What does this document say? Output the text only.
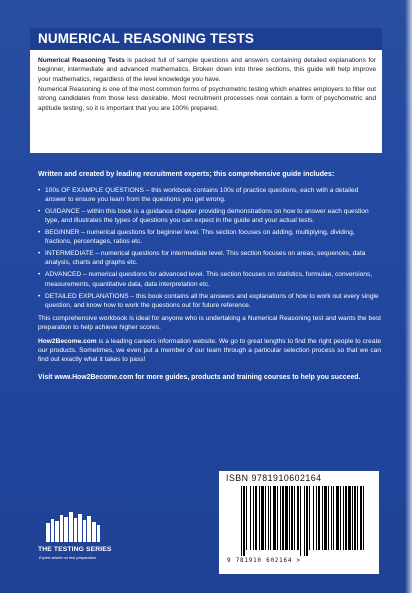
NUMERICAL REASONING TESTS

Numerical Reasoning Tests is packed full of sample questions and answers containing detailed explanations for beginner, intermediate and advanced mathematics. Broken down into three sections, this guide will help improve your mathematics, regardless of the level knowledge you have.

Numerical Reasoning is one of the most common forms of psychometric testing which enables employers to filter out strong candidates from those less desirable. Most recruitment processes now contain a form of psychometric and aptitude testing, so it is important that you are 100% prepared.

Written and created by leading recruitment experts; this comprehensive guide includes:
• 100s OF EXAMPLE QUESTIONS – this workbook contains 100s of practice questions, each with a detailed answer to ensure you learn from the questions you get wrong.
• GUIDANCE – within this book is a guidance chapter providing demonstrations on how to answer each question type, and illustrates the types of questions you can expect in the guide and your actual tests.
• BEGINNER – numerical questions for beginner level. This section focuses on adding, multiplying, dividing, fractions, percentages, ratios etc.
• INTERMEDIATE – numerical questions for intermediate level. This section focuses on areas, sequences, data analysis, charts and graphs etc.
• ADVANCED – numerical questions for advanced level. This section focuses on statistics, formulae, conversions, measurements, quantitative data, data interpretation etc.
• DETAILED EXPLANATIONS – this book contains all the answers and explanations of how to work out every single question, and know how to work the questions out for future reference.

This comprehensive workbook is ideal for anyone who is undertaking a Numerical Reasoning test and wants the best preparation to help achieve higher scores.

How2Become.com is a leading careers information website. We go to great lengths to find the right people to create our products. Sometimes, we even put a member of our team through a particular selection process so that we can find out exactly what it takes to pass!

Visit www.How2Become.com for more guides, products and training courses to help you succeed.

THE TESTING SERIES
Expert advice on test preparation
ISBN 9781910602164
9 781910 602164 >
